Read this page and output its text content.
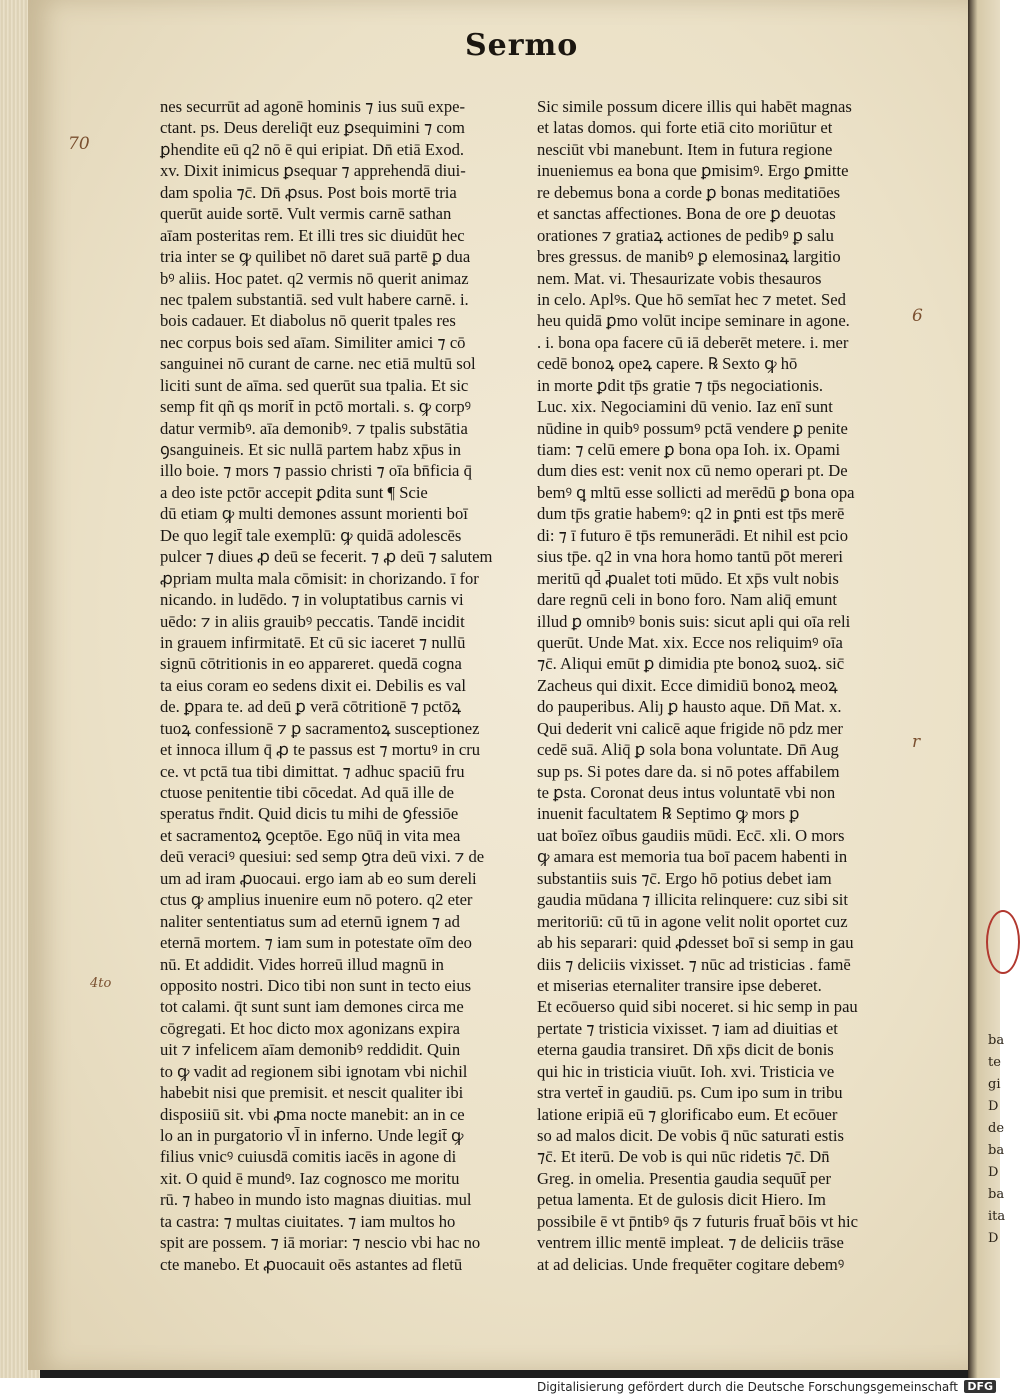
Sermo
70
6
r
4to
nes securrūt ad agonē hominis ⁊ ius suū expe-
ctant. ps. Deus dereliq̄t euz ꝑsequimini ⁊ com
ꝑhendite eū q2 nō ē qui eripiat. Dn̄ etiā Exod.
xv. Dixit inimicus ꝑsequar ⁊ apprehendā diui-
dam spolia ⁊c̄. Dn̄ ꝓsus. Post bois mortē tria
querūt auide sortē. Vult vermis carnē sathan
aīam posteritas rem. Et illi tres sic diuidūt hec
tria inter se ꝙ quilibet nō daret suā partē ꝑ dua
bꝰ aliis. Hoc patet. q2 vermis nō querit animaz
nec tpalem substantiā. sed vult habere carnē. i.
bois cadauer. Et diabolus nō querit tpales res
nec corpus bois sed aīam. Similiter amici ⁊ cō
sanguinei nō curant de carne. nec etiā multū sol
liciti sunt de aīma. sed querūt sua tpalia. Et sic
semp fit qñ qs morit̄ in pctō mortali. s. ꝙ corpꝰ
datur vermibꝰ. aīa demonibꝰ. ⁊ tpalis substātia
ꝯsanguineis. Et sic nullā partem habz xp̄us in
illo boie. ⁊ mors ⁊ passio christi ⁊ oīa bn̄ficia q̄
a deo iste pctōr accepit ꝑdita sunt ¶ Scie
dū etiam ꝙ multi demones assunt morienti boī
De quo legit̄ tale exemplū: ꝙ quidā adolescēs
pulcer ⁊ diues ꝓ deū se fecerit. ⁊ ꝓ deū ⁊ salutem
ꝓpriam multa mala cōmisit: in chorizando. ī for
nicando. in ludēdo. ⁊ in voluptatibus carnis vi
uēdo: ⁊ in aliis grauibꝰ peccatis. Tandē incidit
in grauem infirmitatē. Et cū sic iaceret ⁊ nullū
signū cōtritionis in eo appareret. quedā cogna
ta eius coram eo sedens dixit ei. Debilis es val
de. ꝑpara te. ad deū ꝑ verā cōtritionē ⁊ pctōꝝ
tuoꝝ confessionē ⁊ ꝑ sacramentoꝝ susceptionez
et innoca illum q̄ ꝓ te passus est ⁊ mortuꝰ in cru
ce. vt pctā tua tibi dimittat. ⁊ adhuc spaciū fru
ctuose penitentie tibi cōcedat. Ad quā ille de
speratus r̄ndit. Quid dicis tu mihi de ꝯfessiōe
et sacramentoꝝ ꝯceptōe. Ego nūq̄ in vita mea
deū veraciꝰ quesiui: sed semp ꝯtra deū vixi. ⁊ de
um ad iram ꝓuocaui. ergo iam ab eo sum dereli
ctus ꝙ amplius inuenire eum nō potero. q2 eter
naliter sententiatus sum ad eternū ignem ⁊ ad
eternā mortem. ⁊ iam sum in potestate oīm deo
nū. Et addidit. Vides horreū illud magnū in
opposito nostri. Dico tibi non sunt in tecto eius
tot calami. q̄t sunt sunt iam demones circa me
cōgregati. Et hoc dicto mox agonizans expira
uit ⁊ infelicem aīam demonibꝰ reddidit. Quin
to ꝙ vadit ad regionem sibi ignotam vbi nichil
habebit nisi que premisit. et nescit qualiter ibi
disposiiū sit. vbi ꝓma nocte manebit: an in ce
lo an in purgatorio vl̄ in inferno. Unde legit̄ ꝙ
filius vnicꝰ cuiusdā comitis iacēs in agone di
xit. O quid ē mundꝰ. Iaz cognosco me moritu
rū. ⁊ habeo in mundo isto magnas diuitias. mul
ta castra: ⁊ multas ciuitates. ⁊ iam multos ho
spit are possem. ⁊ iā moriar: ⁊ nescio vbi hac no
cte manebo. Et ꝓuocauit oēs astantes ad fletū
Sic simile possum dicere illis qui habēt magnas
et latas domos. qui forte etiā cito moriūtur et
nesciūt vbi manebunt. Item in futura regione
inueniemus ea bona que ꝑmisimꝰ. Ergo ꝑmitte
re debemus bona a corde ꝑ bonas meditatiōes
et sanctas affectiones. Bona de ore ꝑ deuotas
orationes ⁊ gratiaꝝ actiones de pedibꝰ ꝑ salu
bres gressus. de manibꝰ ꝑ elemosinaꝝ largitio
nem. Mat. vi. Thesaurizate vobis thesauros
in celo. Aplꝰs. Que hō semīat hec ⁊ metet. Sed
heu quidā ꝑmo volūt incipe seminare in agone.
. i. bona opa facere cū iā deberēt metere. i. mer
cedē bonoꝝ opeꝝ capere. ℞ Sexto ꝙ hō
in morte ꝑdit tp̄s gratie ⁊ tp̄s negociationis.
Luc. xix. Negociamini dū venio. Iaz enī sunt
nūdine in quibꝰ possumꝰ pctā vendere ꝑ penite
tiam: ⁊ celū emere ꝑ bona opa Ioh. ix. Opami
dum dies est: venit nox cū nemo operari pt. De
bemꝰ ꝗ mltū esse sollicti ad merēdū ꝑ bona opa
dum tp̄s gratie habemꝰ: q2 in ꝑnti est tp̄s merē
di: ⁊ ī futuro ē tp̄s remunerādi. Et nihil est pcio
sius tp̄e. q2 in vna hora homo tantū pōt mereri
meritū qd̄ ꝓualet toti mūdo. Et xp̄s vult nobis
dare regnū celi in bono foro. Nam aliq̄ emunt
illud ꝑ omnibꝰ bonis suis: sicut apli qui oīa reli
querūt. Unde Mat. xix. Ecce nos reliquimꝰ oīa
⁊c̄. Aliqui emūt ꝑ dimidia pte bonoꝝ suoꝝ. sic̄
Zacheus qui dixit. Ecce dimidiū bonoꝝ meoꝝ
do pauperibus. Aliȷ ꝑ hausto aque. Dn̄ Mat. x.
Qui dederit vni calicē aque frigide nō pdz mer
cedē suā. Aliq̄ ꝑ sola bona voluntate. Dn̄ Aug
sup ps. Si potes dare da. si nō potes affabilem
te ꝑsta. Coronat deus intus voluntatē vbi non
inuenit facultatem ℞ Septimo ꝙ mors ꝑ
uat boīez oībus gaudiis mūdi. Ecc̄. xli. O mors
ꝙ amara est memoria tua boī pacem habenti in
substantiis suis ⁊c̄. Ergo hō potius debet iam
gaudia mūdana ⁊ illicita relinquere: cuz sibi sit
meritoriū: cū tū in agone velit nolit oportet cuz
ab his separari: quid ꝓdesset boī si semp in gau
diis ⁊ deliciis vixisset. ⁊ nūc ad tristicias . famē
et miserias eternaliter transire ipse deberet.
Et ecōuerso quid sibi noceret. si hic semp in pau
pertate ⁊ tristicia vixisset. ⁊ iam ad diuitias et
eterna gaudia transiret. Dn̄ xp̄s dicit de bonis
qui hic in tristicia viuūt. Ioh. xvi. Tristicia ve
stra vertet̄ in gaudiū. ps. Cum ipo sum in tribu
latione eripiā eū ⁊ glorificabo eum. Et ecōuer
so ad malos dicit. De vobis q̄ nūc saturati estis
⁊c̄. Et iterū. De vob is qui nūc ridetis ⁊c̄. Dn̄
Greg. in omelia. Presentia gaudia sequūt̄ per
petua lamenta. Et de gulosis dicit Hiero. Im
possibile ē vt p̄ntibꝰ q̄s ⁊ futuris fruat̄ bōis vt hic
ventrem illic mentē impleat. ⁊ de deliciis trāse
at ad delicias. Unde frequēter cogitare debemꝰ
ba
te
gi
D
de
ba
D
ba
ita
D
Digitalisierung gefördert durch die Deutsche Forschungsgemeinschaft DFG
